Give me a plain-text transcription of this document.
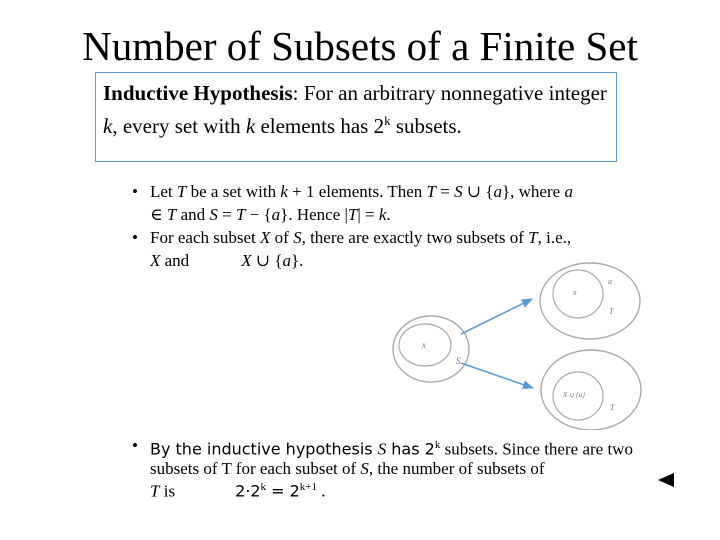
Number of Subsets of a Finite Set
Inductive Hypothesis: For an arbitrary nonnegative integer k, every set with k elements has 2$^k$ subsets.

• Let T be a set with k + 1 elements. Then T = S ∪ {a}, where a
∈ T and S = T − {a}. Hence |T| = k.

• For each subset X of S, there are exactly two subsets of T, i.e.,
X and	X ∪ {a}.

x
S
x
a
T
X ∪ {a}
T

• By the inductive hypothesis S has 2$^k$ subsets. Since there are two subsets of T for each subset of S, the number of subsets of
T is	$2\cdot 2^k = 2^{k+1}$ .
